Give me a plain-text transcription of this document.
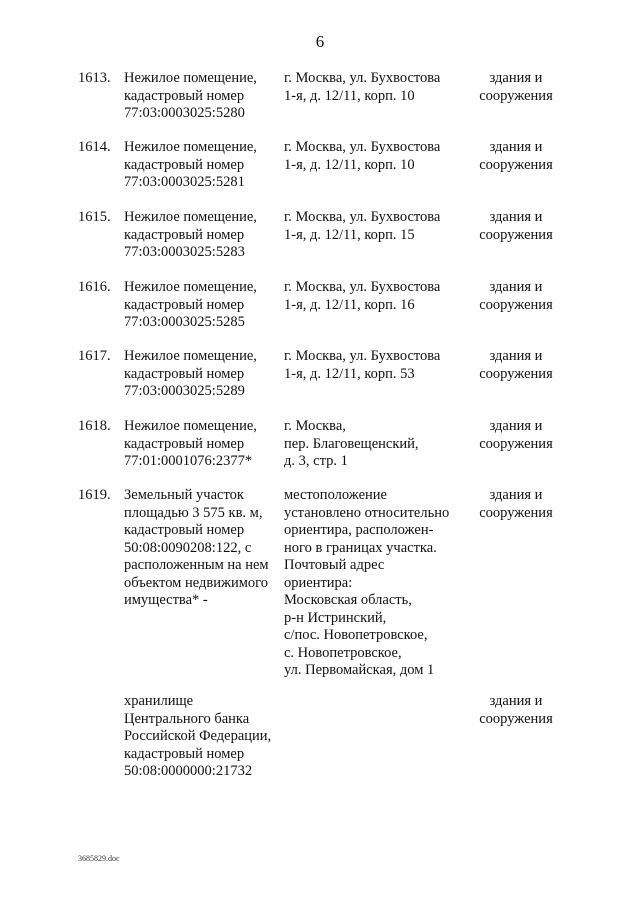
6
1613. Нежилое помещение,
кадастровый номер
77:03:0003025:5280
г. Москва, ул. Бухвостова
1-я, д. 12/11, корп. 10
здания и
сооружения
1614. Нежилое помещение,
кадастровый номер
77:03:0003025:5281
г. Москва, ул. Бухвостова
1-я, д. 12/11, корп. 10
здания и
сооружения
1615. Нежилое помещение,
кадастровый номер
77:03:0003025:5283
г. Москва, ул. Бухвостова
1-я, д. 12/11, корп. 15
здания и
сооружения
1616. Нежилое помещение,
кадастровый номер
77:03:0003025:5285
г. Москва, ул. Бухвостова
1-я, д. 12/11, корп. 16
здания и
сооружения
1617. Нежилое помещение,
кадастровый номер
77:03:0003025:5289
г. Москва, ул. Бухвостова
1-я, д. 12/11, корп. 53
здания и
сооружения
1618. Нежилое помещение,
кадастровый номер
77:01:0001076:2377*
г. Москва,
пер. Благовещенский,
д. 3, стр. 1
здания и
сооружения
1619. Земельный участок
площадью 3 575 кв. м,
кадастровый номер
50:08:0090208:122, с
расположенным на нем
объектом недвижимого
имущества* -
местоположение
установлено относительно
ориентира, расположен-
ного в границах участка.
Почтовый адрес
ориентира:
Московская область,
р-н Истринский,
с/пос. Новопетровское,
с. Новопетровское,
ул. Первомайская, дом 1
здания и
сооружения
хранилище
Центрального банка
Российской Федерации,
кадастровый номер
50:08:0000000:21732
здания и
сооружения
3685829.doc
